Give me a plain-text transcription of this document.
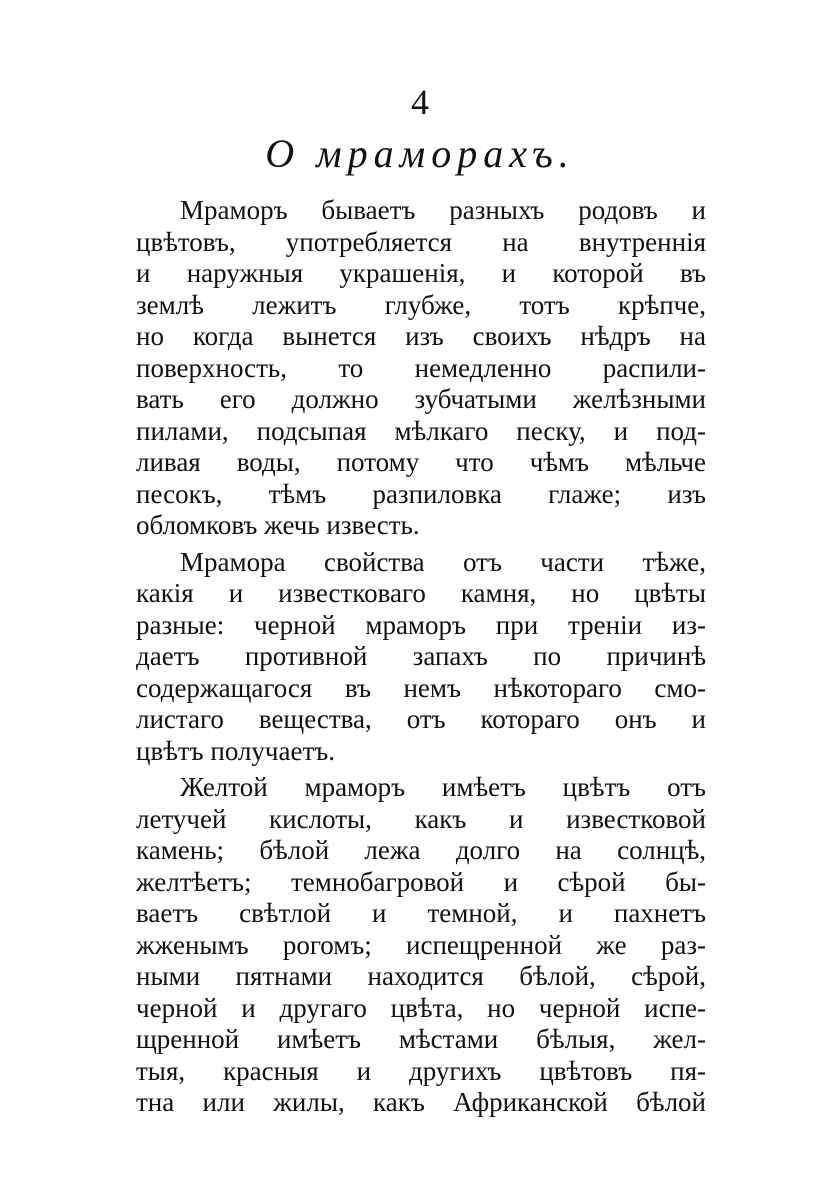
4
О мраморахъ.
Мраморъ бываетъ разныхъ родовъ и
цвѣтовъ, употребляется на внутреннія
и наружныя украшенія, и которой въ
землѣ лежитъ глубже, тотъ крѣпче,
но когда вынется изъ своихъ нѣдръ на
поверхность, то немедленно распили-
вать его должно зубчатыми желѣзными
пилами, подсыпая мѣлкаго песку, и под-
ливая воды, потому что чѣмъ мѣльче
песокъ, тѣмъ разпиловка глаже; изъ
обломковъ жечь известь.
Мрамора свойства отъ части тѣже,
какія и известковаго камня, но цвѣты
разные: черной мраморъ при треніи из-
даетъ противной запахъ по причинѣ
содержащагося въ немъ нѣкотораго смо-
листаго вещества, отъ котораго онъ и
цвѣтъ получаетъ.
Желтой мраморъ имѣетъ цвѣтъ отъ
летучей кислоты, какъ и известковой
камень; бѣлой лежа долго на солнцѣ,
желтѣетъ; темнобагровой и сѣрой бы-
ваетъ свѣтлой и темной, и пахнетъ
жженымъ рогомъ; испещренной же раз-
ными пятнами находится бѣлой, сѣрой,
черной и другаго цвѣта, но черной испе-
щренной имѣетъ мѣстами бѣлыя, жел-
тыя, красныя и другихъ цвѣтовъ пя-
тна или жилы, какъ Африканской бѣлой
